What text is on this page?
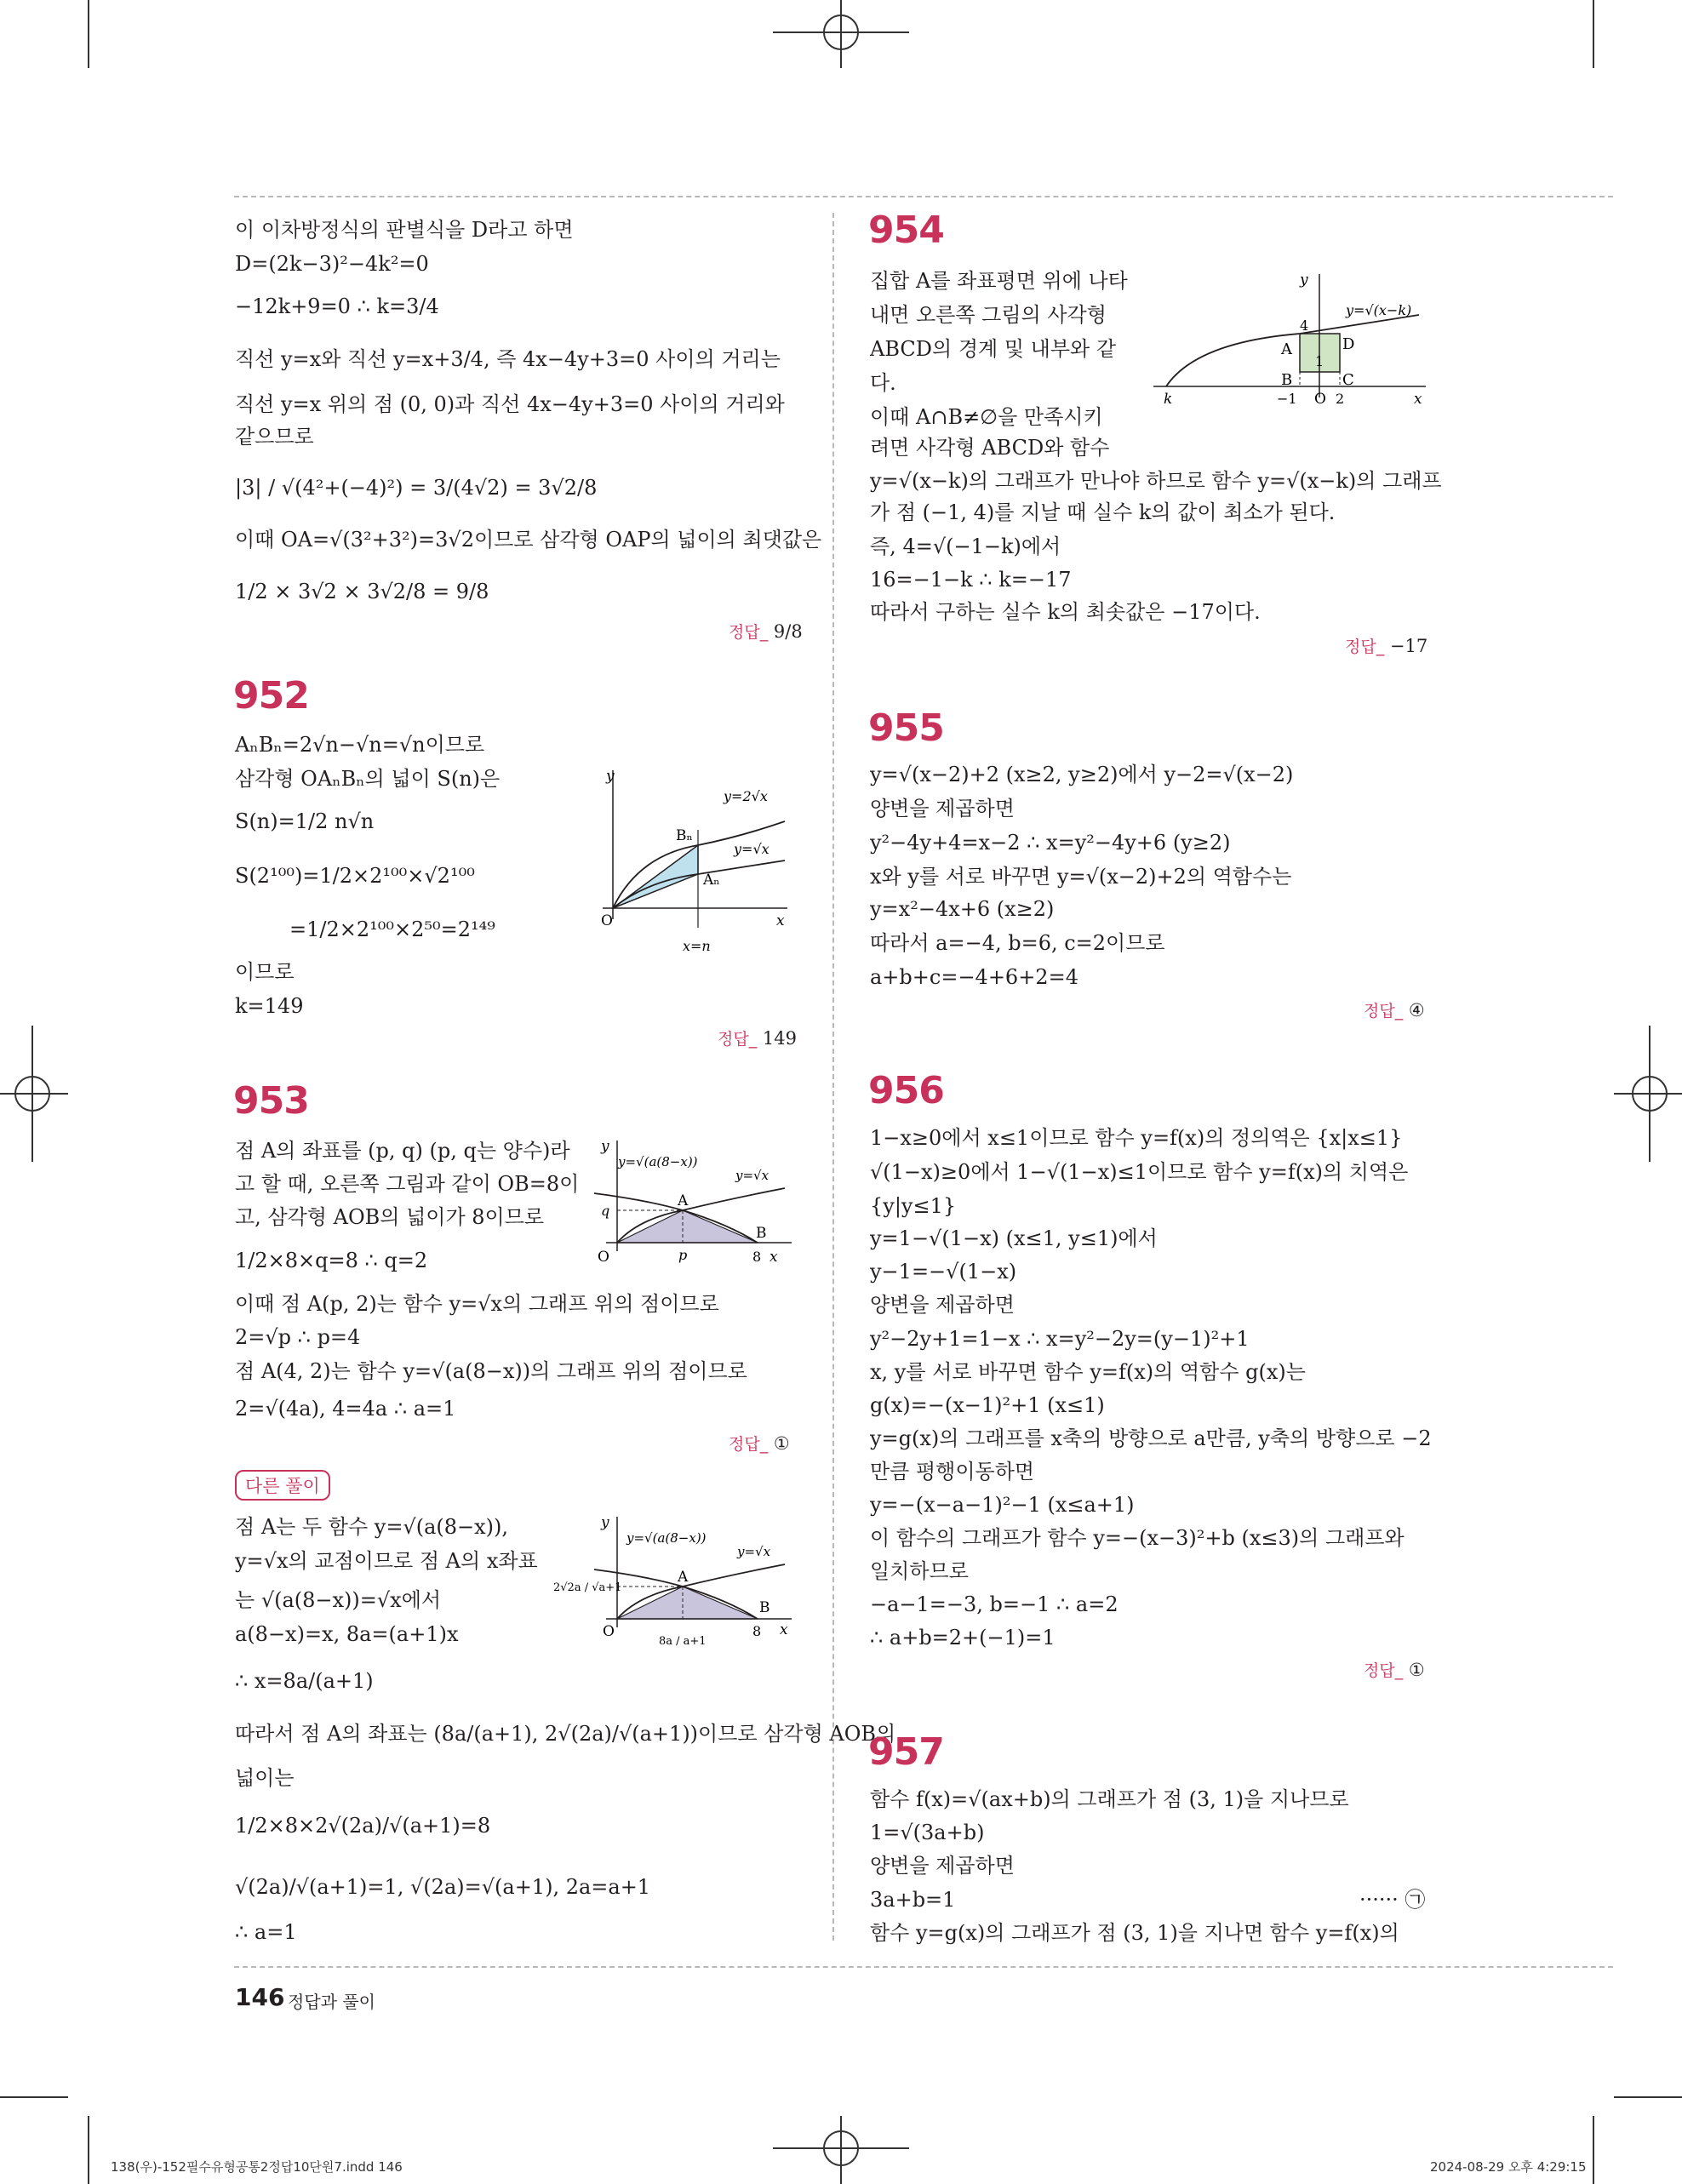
이 이차방정식의 판별식을 D라고 하면
D=(2k−3)²−4k²=0
−12k+9=0 ∴ k=3/4
직선 y=x와 직선 y=x+3/4, 즉 4x−4y+3=0 사이의 거리는
직선 y=x 위의 점 (0, 0)과 직선 4x−4y+3=0 사이의 거리와
같으므로
|3| / √(4²+(−4)²) = 3/(4√2) = 3√2/8
이때 OA=√(3²+3²)=3√2이므로 삼각형 OAP의 넓이의 최댓값은
1/2 × 3√2 × 3√2/8 = 9/8
정답_ 9/8
952
AₙBₙ=2√n−√n=√n이므로
삼각형 OAₙBₙ의 넓이 S(n)은
S(n)=1/2 n√n
S(2¹⁰⁰)=1/2×2¹⁰⁰×√2¹⁰⁰
=1/2×2¹⁰⁰×2⁵⁰=2¹⁴⁹
이므로
k=149
y
x
O
y=2√x
y=√x
Bₙ
Aₙ
x=n
정답_ 149
953
점 A의 좌표를 (p, q) (p, q는 양수)라
고 할 때, 오른쪽 그림과 같이 OB=8이
고, 삼각형 AOB의 넓이가 8이므로
1/2×8×q=8 ∴ q=2
이때 점 A(p, 2)는 함수 y=√x의 그래프 위의 점이므로
2=√p ∴ p=4
점 A(4, 2)는 함수 y=√(a(8−x))의 그래프 위의 점이므로
2=√(4a), 4=4a ∴ a=1
y
x
O
y=√(a(8−x))
y=√x
A
B
q
p	8
정답_ ①
다른 풀이
점 A는 두 함수 y=√(a(8−x)),
y=√x의 교점이므로 점 A의 x좌표
는 √(a(8−x))=√x에서
a(8−x)=x, 8a=(a+1)x
∴ x=8a/(a+1)
따라서 점 A의 좌표는 (8a/(a+1), 2√(2a)/√(a+1))이므로 삼각형 AOB의
넓이는
1/2×8×2√(2a)/√(a+1)=8
√(2a)/√(a+1)=1, √(2a)=√(a+1), 2a=a+1
∴ a=1
y
x
O
y=√(a(8−x))
y=√x
A
B
8
2√2a / √a+1
8a / a+1
954
집합 A를 좌표평면 위에 나타
내면 오른쪽 그림의 사각형
ABCD의 경계 및 내부와 같
다.
이때 A∩B≠∅을 만족시키
려면 사각형 ABCD와 함수
y=√(x−k)의 그래프가 만나야 하므로 함수 y=√(x−k)의 그래프
가 점 (−1, 4)를 지날 때 실수 k의 값이 최소가 된다.
즉, 4=√(−1−k)에서
16=−1−k ∴ k=−17
따라서 구하는 실수 k의 최솟값은 −17이다.
y
x
O
y=√(x−k)
k
A
B	C
D
4
1
−1	2
정답_ −17
955
y=√(x−2)+2 (x≥2, y≥2)에서 y−2=√(x−2)
양변을 제곱하면
y²−4y+4=x−2 ∴ x=y²−4y+6 (y≥2)
x와 y를 서로 바꾸면 y=√(x−2)+2의 역함수는
y=x²−4x+6 (x≥2)
따라서 a=−4, b=6, c=2이므로
a+b+c=−4+6+2=4
정답_ ④
956
1−x≥0에서 x≤1이므로 함수 y=f(x)의 정의역은 {x|x≤1}
√(1−x)≥0에서 1−√(1−x)≤1이므로 함수 y=f(x)의 치역은
{y|y≤1}
y=1−√(1−x) (x≤1, y≤1)에서
y−1=−√(1−x)
양변을 제곱하면
y²−2y+1=1−x ∴ x=y²−2y=(y−1)²+1
x, y를 서로 바꾸면 함수 y=f(x)의 역함수 g(x)는
g(x)=−(x−1)²+1 (x≤1)
y=g(x)의 그래프를 x축의 방향으로 a만큼, y축의 방향으로 −2
만큼 평행이동하면
y=−(x−a−1)²−1 (x≤a+1)
이 함수의 그래프가 함수 y=−(x−3)²+b (x≤3)의 그래프와
일치하므로
−a−1=−3, b=−1 ∴ a=2
∴ a+b=2+(−1)=1
정답_ ①
957
함수 f(x)=√(ax+b)의 그래프가 점 (3, 1)을 지나므로
1=√(3a+b)
양변을 제곱하면
3a+b=1	······ ㉠
함수 y=g(x)의 그래프가 점 (3, 1)을 지나면 함수 y=f(x)의
146 정답과 풀이
138(우)-152필수유형공통2정답10단원7.indd 146	2024-08-29 오후 4:29:15
